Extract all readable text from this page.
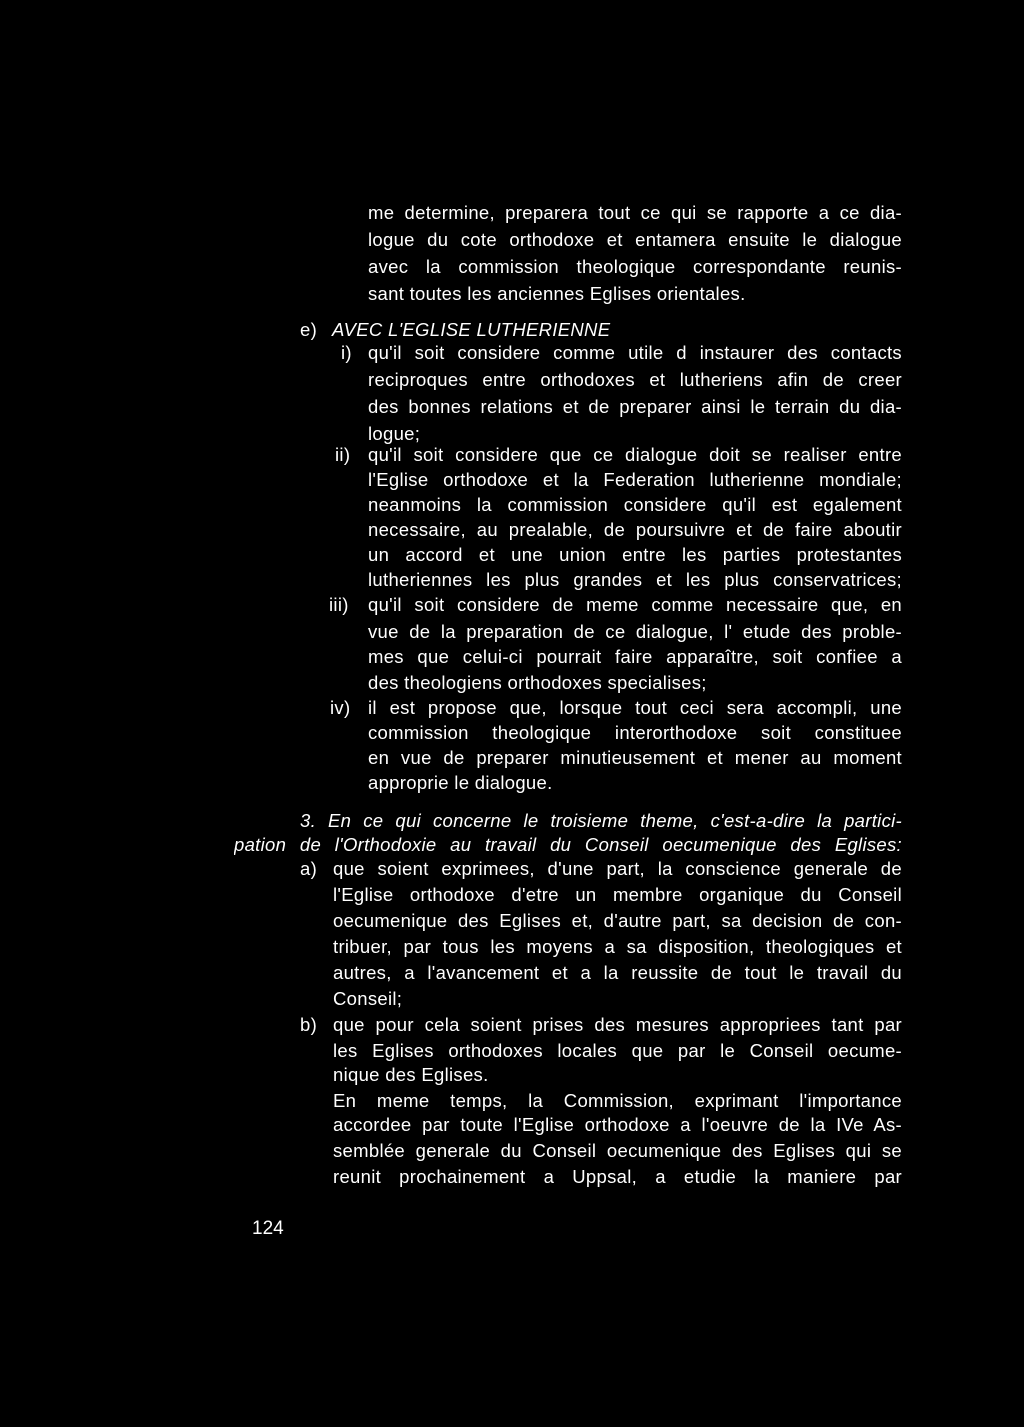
me determine, preparera tout ce qui se rapporte a ce dia-
logue du cote orthodoxe et entamera ensuite le dialogue
avec la commission theologique correspondante reunis-
sant toutes les anciennes Eglises orientales.
e) AVEC L'EGLISE LUTHERIENNE
i) qu'il soit considere comme utile d instaurer des contacts
reciproques entre orthodoxes et lutheriens afin de creer
des bonnes relations et de preparer ainsi le terrain du dia-
logue;
ii) qu'il soit considere que ce dialogue doit se realiser entre
l'Eglise orthodoxe et la Federation lutherienne mondiale;
neanmoins la commission considere qu'il est egalement
necessaire, au prealable, de poursuivre et de faire aboutir
un accord et une union entre les parties protestantes
lutheriennes les plus grandes et les plus conservatrices;
iii) qu'il soit considere de meme comme necessaire que, en
vue de la preparation de ce dialogue, l' etude des proble-
mes que celui-ci pourrait faire apparaître, soit confiee a
des theologiens orthodoxes specialises;
iv) il est propose que, lorsque tout ceci sera accompli, une
commission theologique interorthodoxe soit constituee
en vue de preparer minutieusement et mener au moment
approprie le dialogue.
3. En ce qui concerne le troisieme theme, c'est-a-dire la partici-
pation de l'Orthodoxie au travail du Conseil oecumenique des Eglises:
a) que soient exprimees, d'une part, la conscience generale de
l'Eglise orthodoxe d'etre un membre organique du Conseil
oecumenique des Eglises et, d'autre part, sa decision de con-
tribuer, par tous les moyens a sa disposition, theologiques et
autres, a l'avancement et a la reussite de tout le travail du
Conseil;
b) que pour cela soient prises des mesures appropriees tant par
les Eglises orthodoxes locales que par le Conseil oecume-
nique des Eglises.
En meme temps, la Commission, exprimant l'importance
accordee par toute l'Eglise orthodoxe a l'oeuvre de la IVe As-
semblée generale du Conseil oecumenique des Eglises qui se
reunit prochainement a Uppsal, a etudie la maniere par
124
